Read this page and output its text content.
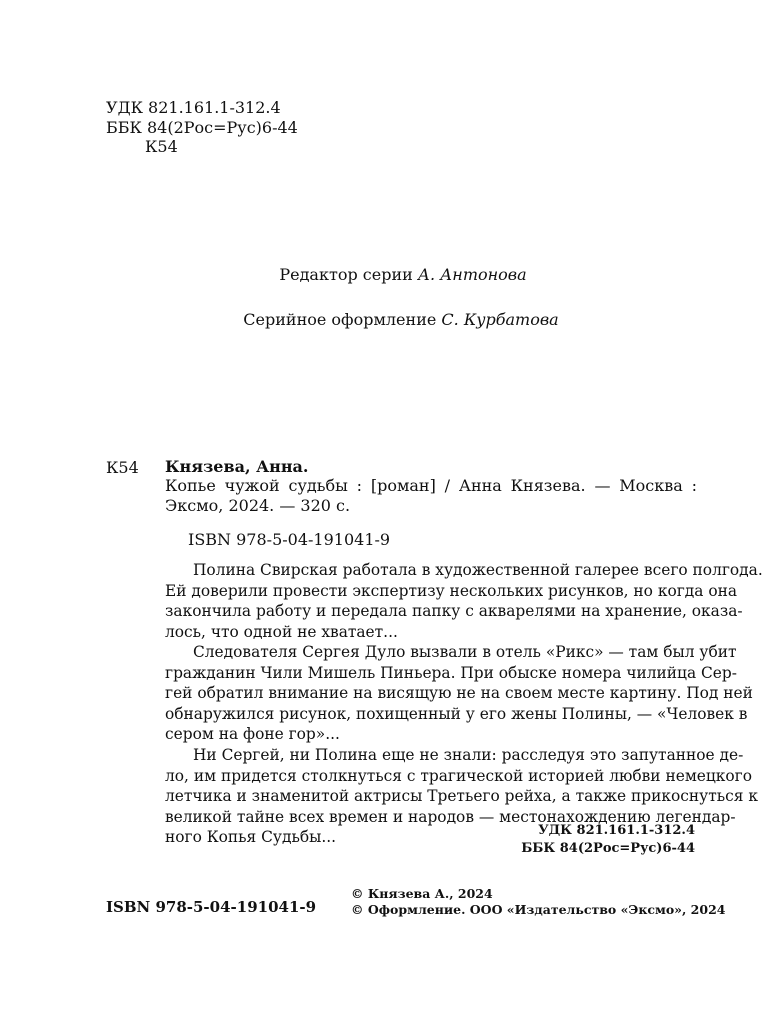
УДК 821.161.1-312.4
ББК 84(2Рос=Рус)6-44
К54
Редактор серии А. Антонова
Серийное оформление С. Курбатова
К54 Князева, Анна.
Копье чужой судьбы : [роман] / Анна Князева. — Москва :
Эксмо, 2024. — 320 с.
ISBN 978-5-04-191041-9
Полина Свирская работала в художественной галерее всего полгода.
Ей доверили провести экспертизу нескольких рисунков, но когда она
закончила работу и передала папку с акварелями на хранение, оказа-
лось, что одной не хватает...
Следователя Сергея Дуло вызвали в отель «Рикс» — там был убит
гражданин Чили Мишель Пиньера. При обыске номера чилийца Сер-
гей обратил внимание на висящую не на своем месте картину. Под ней
обнаружился рисунок, похищенный у его жены Полины, — «Человек в
сером на фоне гор»...
Ни Сергей, ни Полина еще не знали: расследуя это запутанное де-
ло, им придется столкнуться с трагической историей любви немецкого
летчика и знаменитой актрисы Третьего рейха, а также прикоснуться к
великой тайне всех времен и народов — местонахождению легендар-
ного Копья Судьбы...	УДК 821.161.1-312.4
ББК 84(2Рос=Рус)6-44
ISBN 978-5-04-191041-9
© Князева А., 2024
© Оформление. ООО «Издательство «Эксмо», 2024
